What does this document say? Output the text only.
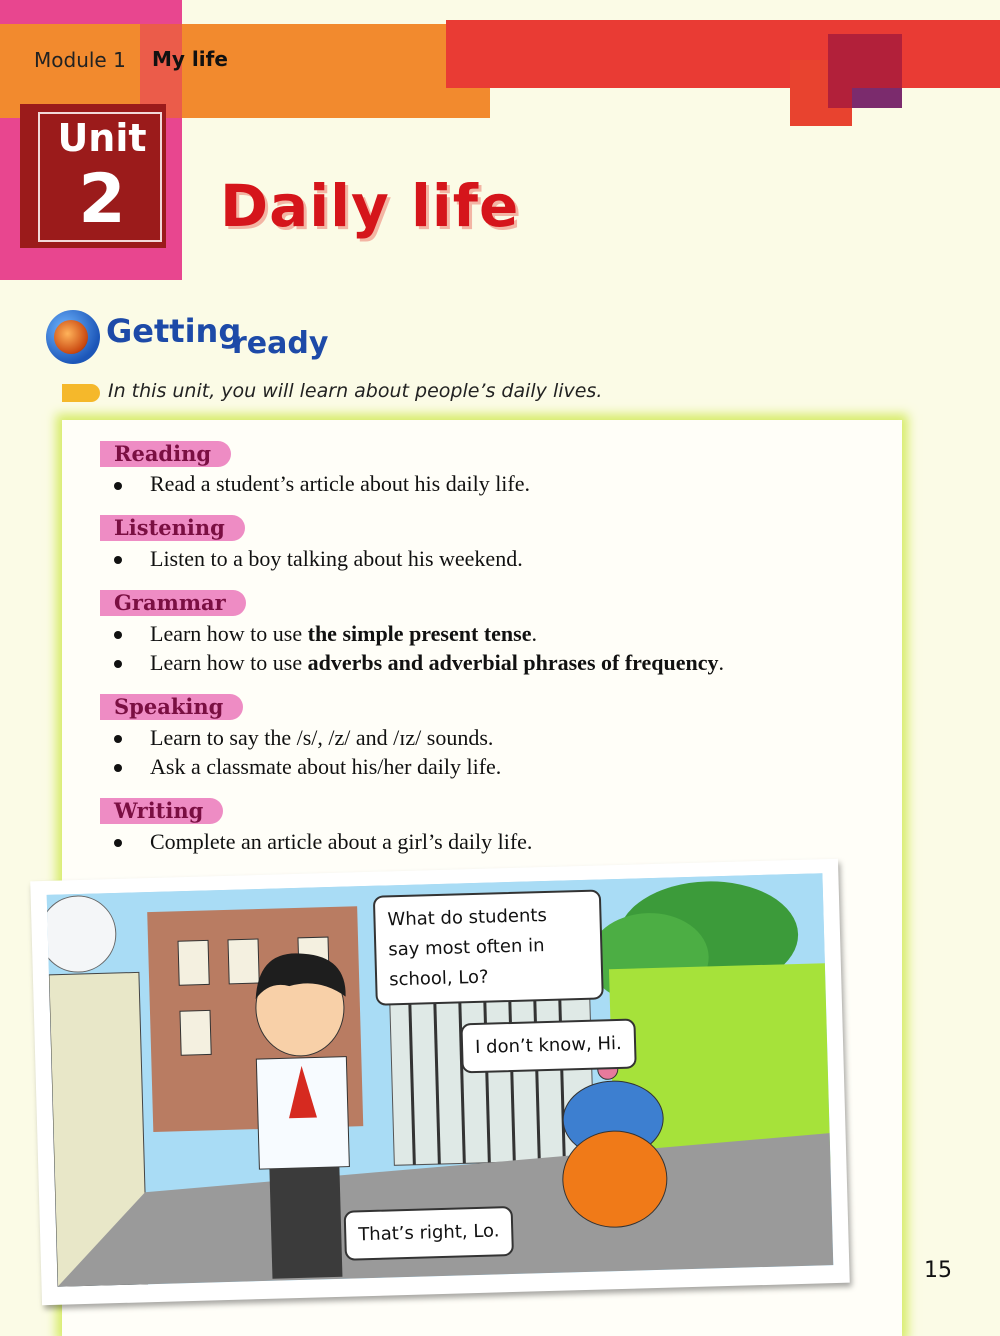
Module 1 My life
Unit
2	Daily life
Getting
ready
In this unit, you will learn about people’s daily lives.
Reading
Read a student’s article about his daily life.
Listening
Listen to a boy talking about his weekend.
Grammar
Learn how to use the simple present tense.
Learn how to use adverbs and adverbial phrases of frequency.
Speaking
Learn to say the /s/, /z/ and /ɪz/ sounds.
Ask a classmate about his/her daily life.
Writing
Complete an article about a girl’s daily life.
What do students
say most often in
school, Lo?
I don’t know, Hi.
That’s right, Lo.
15
